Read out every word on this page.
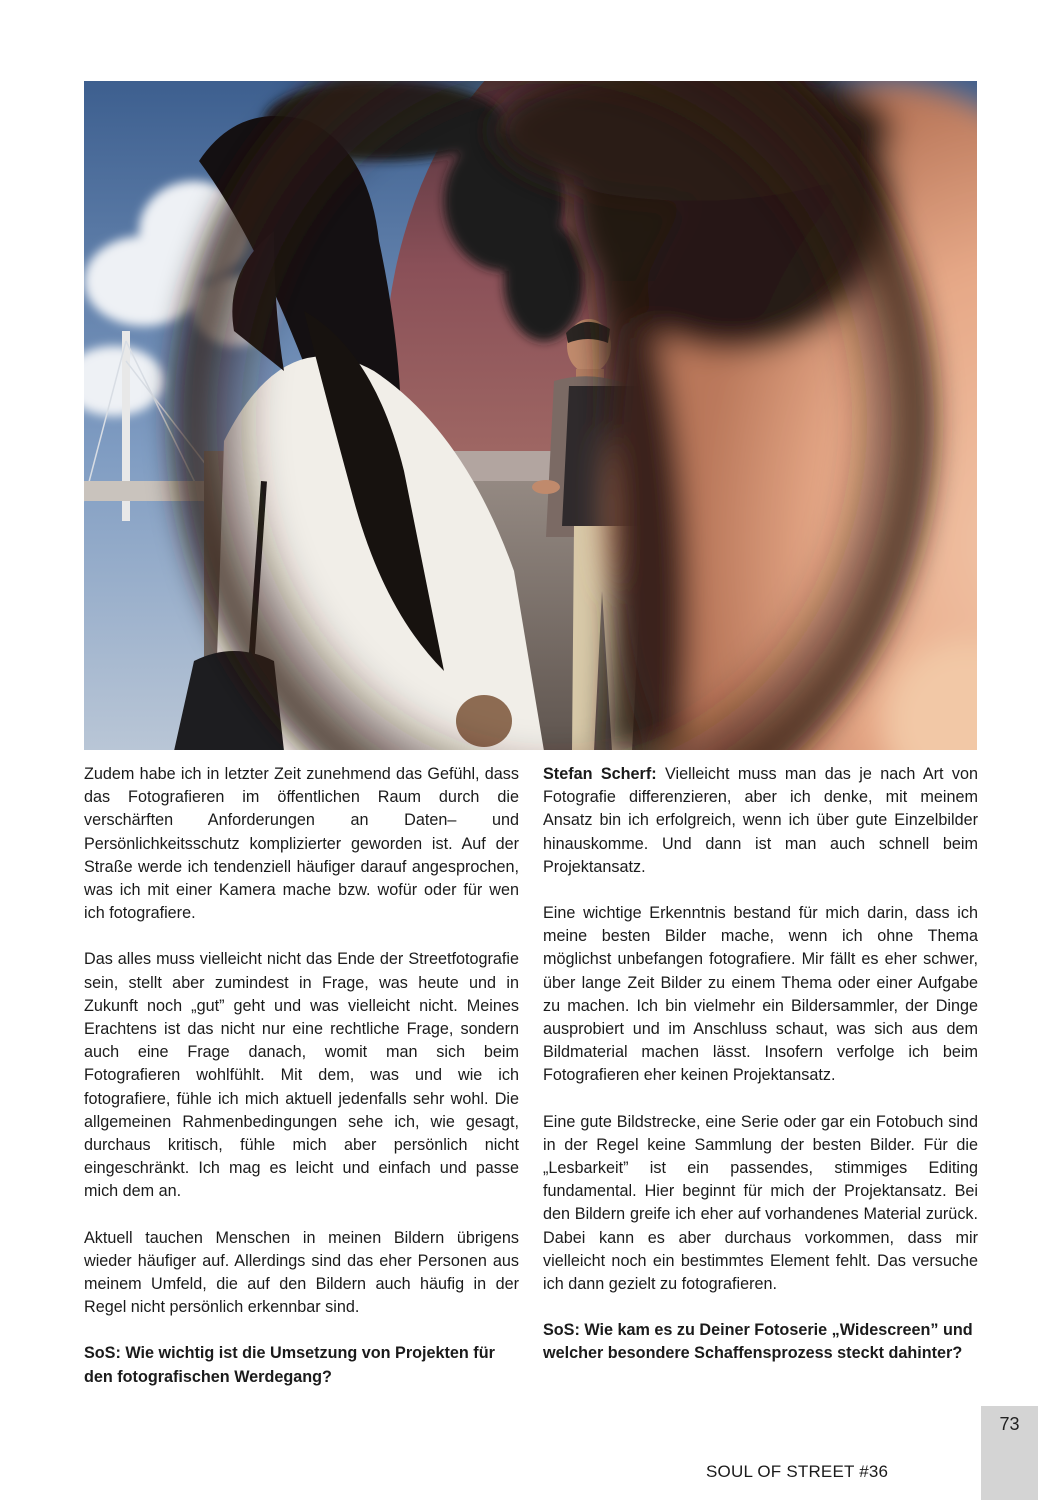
Zudem habe ich in letzter Zeit zunehmend das Gefühl, dass das Fotografieren im öffentlichen Raum durch die verschärften Anforderungen an Daten– und Persönlichkeitsschutz komplizierter geworden ist. Auf der Straße werde ich tendenziell häufiger darauf angesprochen, was ich mit einer Kamera mache bzw. wofür oder für wen ich fotografiere.

Das alles muss vielleicht nicht das Ende der Streetfotografie sein, stellt aber zumindest in Frage, was heute und in Zukunft noch „gut” geht und was vielleicht nicht. Meines Erachtens ist das nicht nur eine rechtliche Frage, sondern auch eine Frage danach, womit man sich beim Fotografieren wohlfühlt. Mit dem, was und wie ich fotografiere, fühle ich mich aktuell jedenfalls sehr wohl. Die allgemeinen Rahmenbedingungen sehe ich, wie gesagt, durchaus kritisch, fühle mich aber persönlich nicht eingeschränkt. Ich mag es leicht und einfach und passe mich dem an.

Aktuell tauchen Menschen in meinen Bildern übrigens wieder häufiger auf. Allerdings sind das eher Personen aus meinem Umfeld, die auf den Bildern auch häufig in der Regel nicht persönlich erkennbar sind.

SoS: Wie wichtig ist die Umsetzung von Projekten für den fotografischen Werdegang?

Stefan Scherf: Vielleicht muss man das je nach Art von Fotografie differenzieren, aber ich denke, mit meinem Ansatz bin ich erfolgreich, wenn ich über gute Einzelbilder hinauskomme. Und dann ist man auch schnell beim Projektansatz.

Eine wichtige Erkenntnis bestand für mich darin, dass ich meine besten Bilder mache, wenn ich ohne Thema möglichst unbefangen fotografiere. Mir fällt es eher schwer, über lange Zeit Bilder zu einem Thema oder einer Aufgabe zu machen. Ich bin vielmehr ein Bildersammler, der Dinge ausprobiert und im Anschluss schaut, was sich aus dem Bildmaterial machen lässt. Insofern verfolge ich beim Fotografieren eher keinen Projektansatz.

Eine gute Bildstrecke, eine Serie oder gar ein Fotobuch sind in der Regel keine Sammlung der besten Bilder. Für die „Lesbarkeit” ist ein passendes, stimmiges Editing fundamental. Hier beginnt für mich der Projektansatz. Bei den Bildern greife ich eher auf vorhandenes Material zurück. Dabei kann es aber durchaus vorkommen, dass mir vielleicht noch ein bestimmtes Element fehlt. Das versuche ich dann gezielt zu fotografieren.

SoS: Wie kam es zu Deiner Fotoserie „Widescreen” und welcher besondere Schaffensprozess steckt dahinter?

SOUL OF STREET #36
73
